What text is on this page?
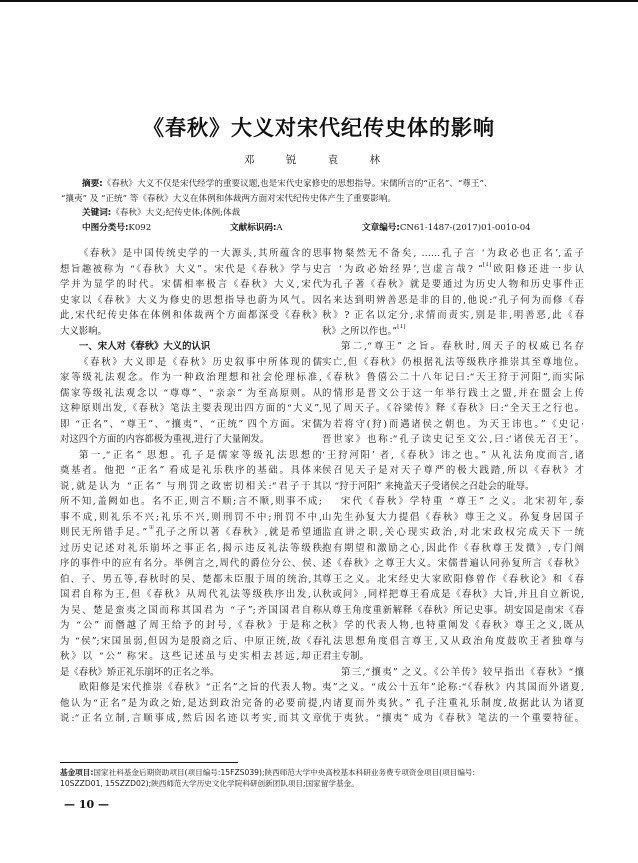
《春秋》大义对宋代纪传史体的影响
邓 锐 袁 林
摘要:《春秋》大义不仅是宋代经学的重要议题,也是宋代史家修史的思想指导。宋儒所言的“正名”、“尊王”、
“攘夷” 及 “正统” 等《春秋》大义在体例和体裁两方面对宋代纪传史体产生了重要影响。
关键词:《春秋》大义;纪传史体;体例;体裁
中图分类号:K092	文献标识码:A	文章编号:CN61-1487-(2017)01-0010-04
《春秋》是中国传统史学的一大源头,其所蕴含的思
想旨趣被称为 “《春秋》大义”。宋代是《春秋》学与史
学并为显学的时代。宋儒相率极言《春秋》大义,宋代
史家以《春秋》大义为修史的思想指导也蔚为风气。因
此,宋代纪传史体在体例和体裁两个方面都深受《春秋》
大义影响。
一、宋人对《春秋》大义的认识
《春秋》大义即是《春秋》历史叙事中所体现的儒
家等级礼法观念。作为一种政治理想和社会伦理标准,
儒家等级礼法观念以 “尊尊”、“亲亲” 为至高原则。从
这种原则出发,《春秋》笔法主要表现出四方面的“大义”,
即 “正名”、“尊王”、“攘夷”、“正统” 四个方面。宋儒
对这四个方面的内容都极为重视,进行了大量阐发。
第一,“正名” 思想。孔子是儒家等级礼法思想的
奠基者。他把 “正名” 看成是礼乐秩序的基础。具体来
说,就是认为 “正名” 与刑罚之政密切相关:“君子于其
所不知,盖阙如也。名不正,则言不顺;言不顺,则事不成;
事不成,则礼乐不兴;礼乐不兴,则刑罚不中;刑罚不中,
则民无所错手足。”①孔子之所以著《春秋》,就是希望通
过历史记述对礼乐崩坏之事正名,揭示违反礼法等级秩
序的事件中的应有名分。举例言之,周代的爵位分公、侯、
伯、子、男五等,春秋时的吴、楚都未臣服于周的统治,其
国君自称为王,但《春秋》从周代礼法等级秩序出发,认
为吴、楚是蛮夷之国而称其国君为 “子”;齐国国君自称
为 “公” 而僭越了周王给予的封号,《春秋》于是称之
为 “侯”;宋国虽弱,但因为是殷商之后、中原正统,故《春
秋》以 “公” 称宋。这些记述虽与史实相去甚远,却正
是《春秋》矫正礼乐崩坏的正名之举。
欧阳修是宋代推崇《春秋》“正名”之旨的代表人物。
他认为“正名”是为政之始,是达到政治完备的必要前提,
说:“正名立制,言顺事成,然后因名迹以考实,而其文章
事物粲然无不备矣, ……孔子言 ‘为政必也正名’,孟子
言 ‘为政必始经界’,岂虚言哉? ”[1]欧阳修还进一步认
为孔子著《春秋》就是要通过为历史人物和历史事件正
名来达到明辨善恶是非的目的,他说:“孔子何为而修《春
秋》? 正名以定分,求情而责实,别是非,明善恶,此《春
秋》之所以作也。”[1]
第二,“尊王” 之旨。春秋时,周天子的权威已名存
实亡,但《春秋》仍根据礼法等级秩序推崇其至尊地位。
《春秋》鲁僖公二十八年记曰:“天王狩于河阳”,而实际
的情形是晋文公于这一年举行践土之盟,并在盟会上传
见了周天子。《谷梁传》释《春秋》曰:“全天王之行也。
为若将守(狩)而遇诸侯之朝也。为天王讳也。”《史记·
晋世家》也称:“孔子读史记至文公,曰:‘诸侯无召王’。
‘王狩河阳’ 者,《春秋》讳之也。” 从礼法角度而言,诸
侯召见天子是对天子尊严的极大践踏,所以《春秋》才
以 “狩于河阳” 来掩盖天子受诸侯之召赴会的耻辱。
宋代《春秋》学特重 “尊王” 之义。北宋初年,泰
山先生孙复大力提倡《春秋》尊王之义。孙复身居国子
监直讲之职,关心现实政治,对北宋政权完成天下一统
抱有期望和激励之心,因此作《春秋尊王发微》,专门阐
述《春秋》之尊王大义。宋儒普遍认同孙复所言《春秋》
尊王之义。北宋经史大家欧阳修曾作《春秋论》和《春
秋或问》,同样把尊王看成是《春秋》大旨,并且自立新说,
从尊王角度重新解释《春秋》所记史事。胡安国是南宋《春
秋》学的代表人物,也特重阐发《春秋》尊王之义,既从
礼法思想角度倡言尊王,又从政治角度鼓吹王者独尊与
君主专制。
第三,“攘夷” 之义。《公羊传》较早指出《春秋》“攘
夷”之义。“成公十五年”论称:“《春秋》内其国而外诸夏,
内诸夏而外夷狄。” 孔子注重礼乐制度,故据此认为诸夏
优于夷狄。“攘夷” 成为《春秋》笔法的一个重要特征。
基金项目:国家社科基金后期资助项目(项目编号:15FZS039);陕西师范大学中央高校基本科研业务费专项资金项目(项目编号:
10SZZD01, 15SZZD02);陕西师范大学历史文化学院科研创新团队项目;国家留学基金。
— 10 —
